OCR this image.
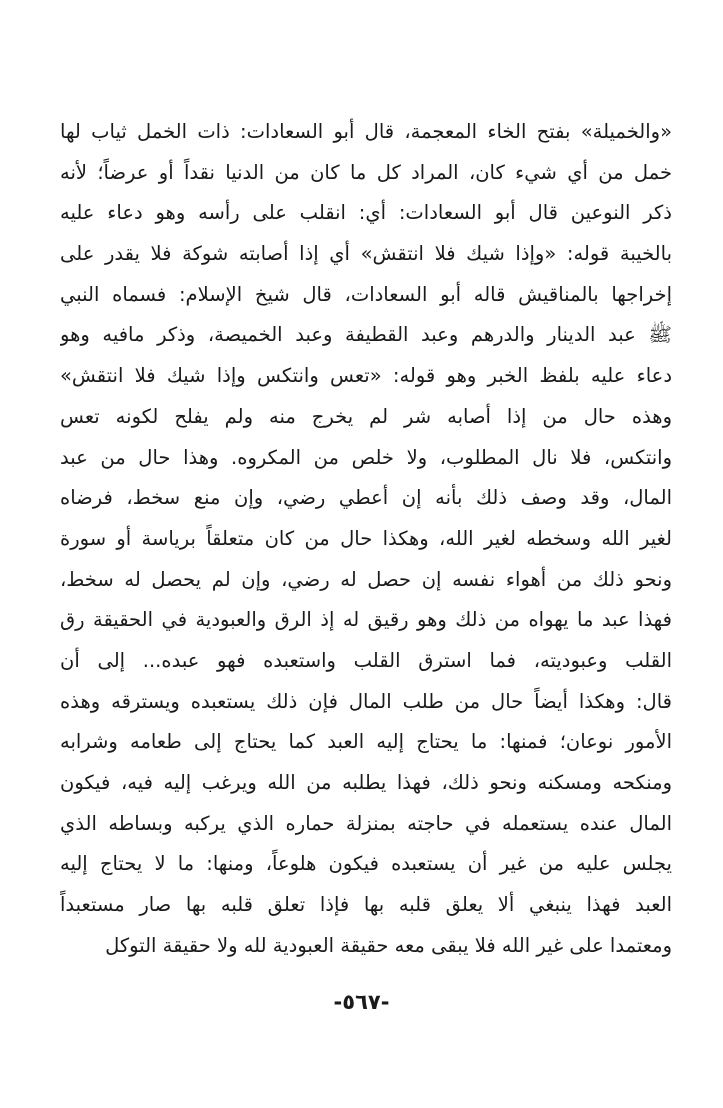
«والخميلة» بفتح الخاء المعجمة، قال أبو السعادات: ذات الخمل ثياب لها
خمل من أي شيء كان، المراد كل ما كان من الدنيا نقداً أو عرضاً؛ لأنه
ذكر النوعين قال أبو السعادات: أي: انقلب على رأسه وهو دعاء عليه
بالخيبة قوله: «وإذا شيك فلا انتقش» أي إذا أصابته شوكة فلا يقدر على
إخراجها بالمناقيش قاله أبو السعادات، قال شيخ الإسلام: فسماه النبي
ﷺ عبد الدينار والدرهم وعبد القطيفة وعبد الخميصة، وذكر مافيه وهو
دعاء عليه بلفظ الخبر وهو قوله: «تعس وانتكس وإذا شيك فلا انتقش»
وهذه حال من إذا أصابه شر لم يخرج منه ولم يفلح لكونه تعس
وانتكس، فلا نال المطلوب، ولا خلص من المكروه. وهذا حال من عبد
المال، وقد وصف ذلك بأنه إن أعطي رضي، وإن منع سخط، فرضاه
لغير الله وسخطه لغير الله، وهكذا حال من كان متعلقاً برياسة أو سورة
ونحو ذلك من أهواء نفسه إن حصل له رضي، وإن لم يحصل له سخط،
فهذا عبد ما يهواه من ذلك وهو رقيق له إذ الرق والعبودية في الحقيقة رق
القلب وعبوديته، فما استرق القلب واستعبده فهو عبده... إلى أن
قال: وهكذا أيضاً حال من طلب المال فإن ذلك يستعبده ويسترقه وهذه
الأمور نوعان؛ فمنها: ما يحتاج إليه العبد كما يحتاج إلى طعامه وشرابه
ومنكحه ومسكنه ونحو ذلك، فهذا يطلبه من الله ويرغب إليه فيه، فيكون
المال عنده يستعمله في حاجته بمنزلة حماره الذي يركبه وبساطه الذي
يجلس عليه من غير أن يستعبده فيكون هلوعاً، ومنها: ما لا يحتاج إليه
العبد فهذا ينبغي ألا يعلق قلبه بها فإذا تعلق قلبه بها صار مستعبداً
ومعتمدا على غير الله فلا يبقى معه حقيقة العبودية لله ولا حقيقة التوكل
-٥٦٧-
